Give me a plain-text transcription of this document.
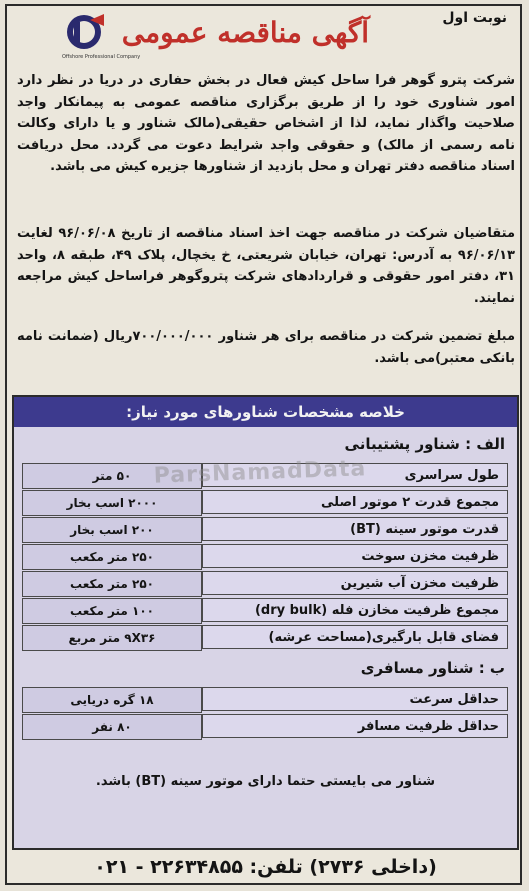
Offshore Professional Company
آگهی مناقصه عمومی	نوبت اول
شرکت پترو گوهر فرا ساحل کیش فعال در بخش حفاری در دریا در نظر دارد امور شناوری خود را از طریق برگزاری مناقصه عمومی به پیمانکار واجد صلاحیت واگذار نماید، لذا از اشخاص حقیقی(مالک شناور و یا دارای وکالت نامه رسمی از مالک) و حقوقی واجد شرایط دعوت می گردد. محل دریافت اسناد مناقصه دفتر تهران و محل بازدید از شناورها جزیره کیش می باشد.
متقاضیان شرکت در مناقصه جهت اخذ اسناد مناقصه از تاریخ ۹۶/۰۶/۰۸ لغایت ۹۶/۰۶/۱۳ به آدرس: تهران، خیابان شریعتی، خ یخچال، پلاک ۴۹، طبقه ۸، واحد ۳۱، دفتر امور حقوقی و قراردادهای شرکت پتروگوهر فراساحل کیش مراجعه نمایند.
مبلغ تضمین شرکت در مناقصه برای هر شناور ۷۰۰/۰۰۰/۰۰۰ریال (ضمانت نامه بانکی معتبر)می باشد.
خلاصه مشخصات شناورهای مورد نیاز:
الف : شناور پشتیبانی
۵۰ متر	طول سراسری
۲۰۰۰ اسب بخار	مجموع قدرت ۲ موتور اصلی
۲۰۰ اسب بخار	قدرت موتور سینه (BT)
۲۵۰ متر مکعب	ظرفیت مخزن سوخت
۲۵۰ متر مکعب	ظرفیت مخزن آب شیرین
۱۰۰ متر مکعب	مجموع ظرفیت مخازن فله (dry bulk)
۹X۳۶ متر مربع	فضای قابل بارگیری(مساحت عرشه)
ب : شناور مسافری
۱۸ گره دریایی	حداقل سرعت
۸۰ نفر	حداقل ظرفیت مسافر
شناور می بایستی حتما دارای موتور سینه (BT) باشد.
ParsNamadData
(داخلی ۲۷۳۶) تلفن: ۲۲۶۳۴۸۵۵ - ۰۲۱
